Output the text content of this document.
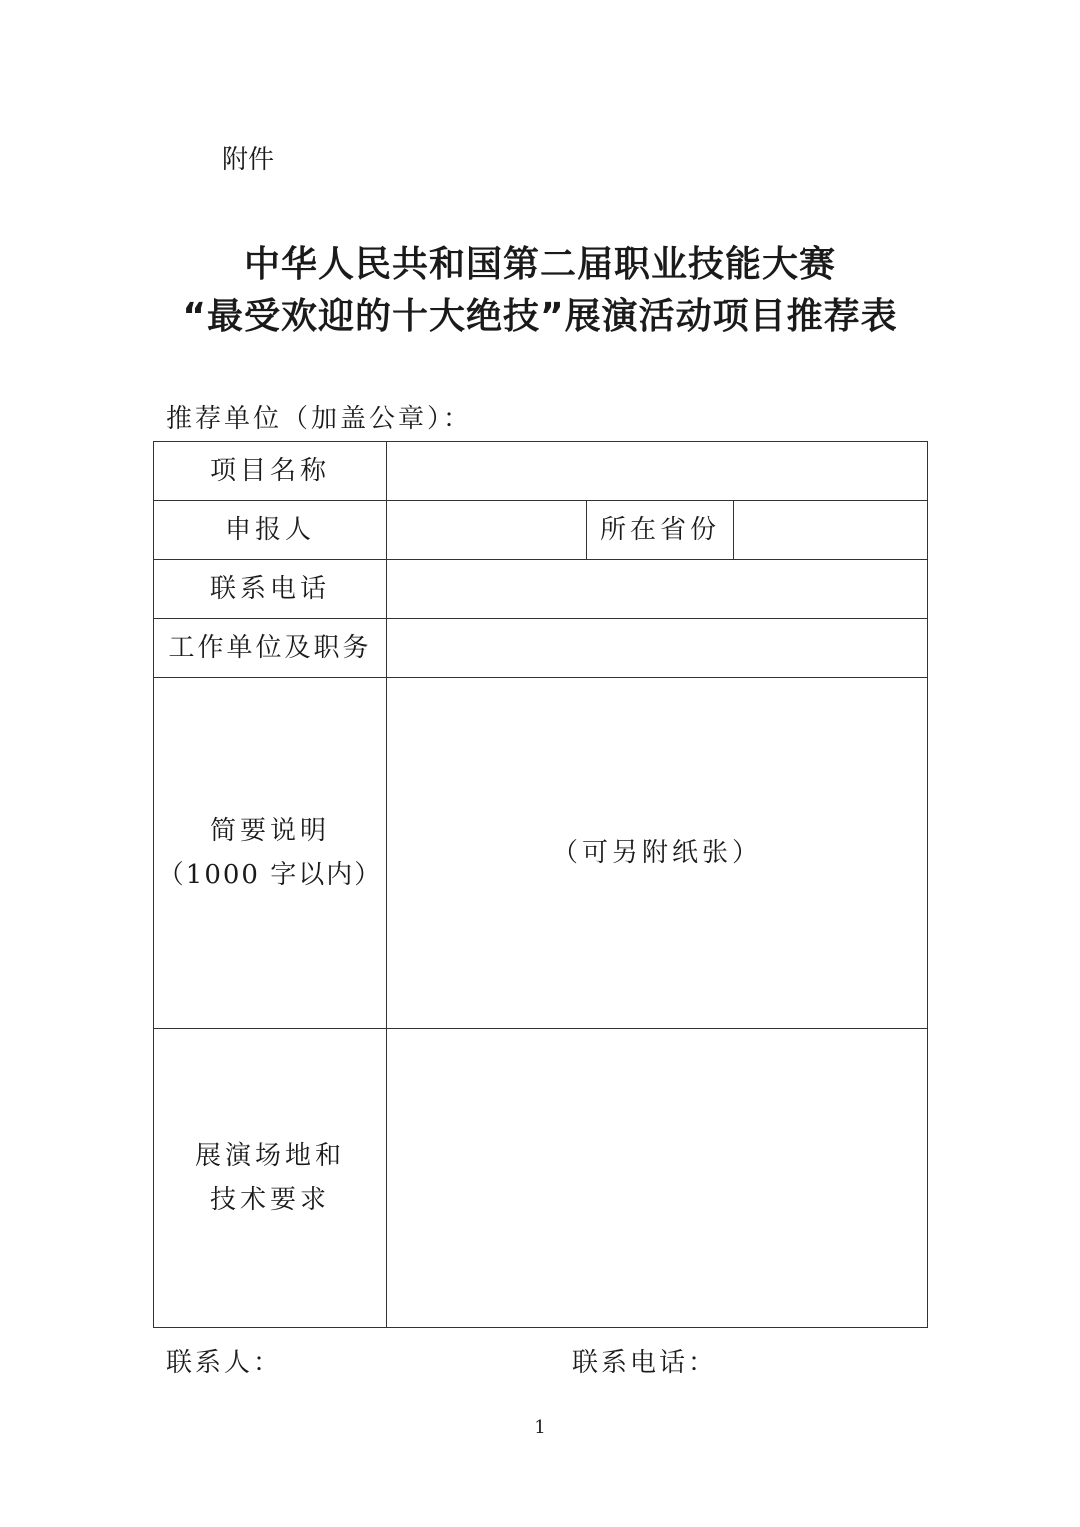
附件
中华人民共和国第二届职业技能大赛
“最受欢迎的十大绝技”展演活动项目推荐表
推荐单位（加盖公章）：
项目名称			
申报人		所在省份	
联系电话			
工作单位及职务			

简要说明
（1000 字以内）	（可另附纸张）		

展演场地和
技术要求			

联系人：	联系电话：
1
